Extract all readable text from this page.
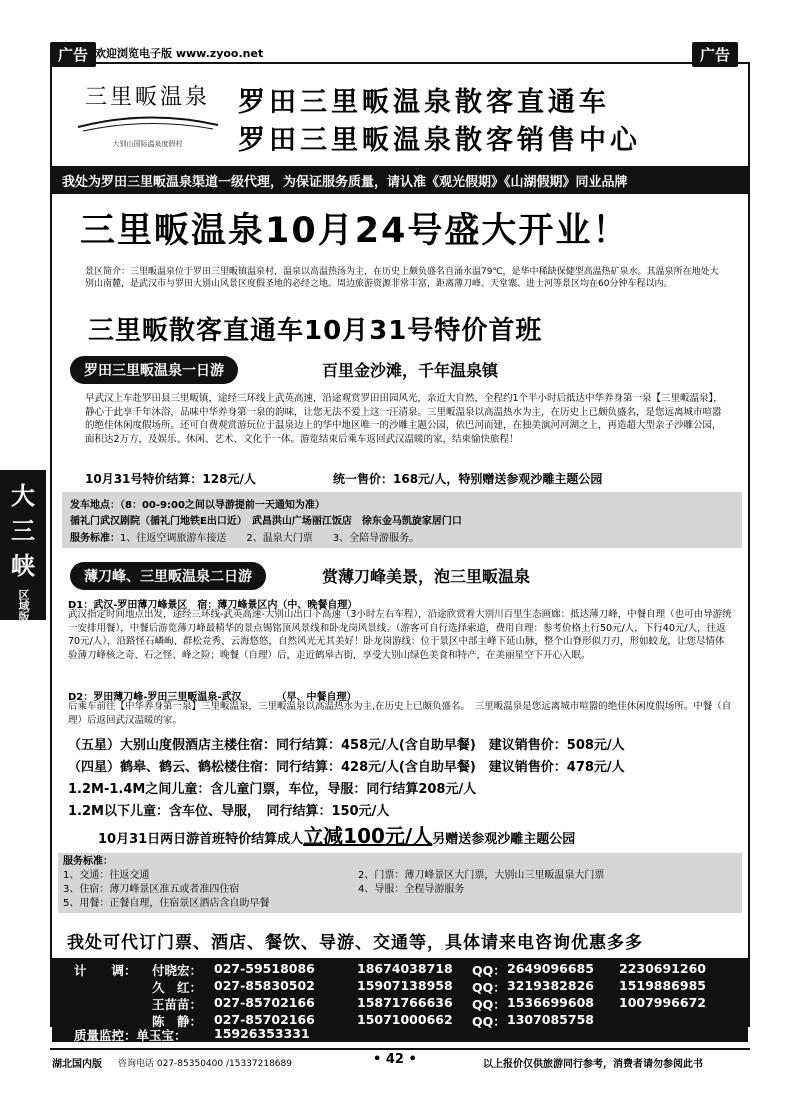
广告 欢迎浏览电子版 www.zyoo.net	广告
三里畈温泉
大别山国际温泉度假村
罗田三里畈温泉散客直通车
罗田三里畈温泉散客销售中心
我处为罗田三里畈温泉渠道一级代理，为保证服务质量，请认准《观光假期》《山湖假期》同业品牌
三里畈温泉10月24号盛大开业！
景区简介：三里畈温泉位于罗田三里畈镇温泉村，温泉以高温热汤为主，在历史上颇负盛名自涌水温79℃，是华中稀缺保健型高温热矿泉水。其温泉所在地处大别山南麓，是武汉市与罗田大别山风景区度假圣地的必经之地。周边旅游资源非常丰富，距离薄刀峰、天堂寨、进士河等景区均在60分钟车程以内。
三里畈散客直通车10月31号特价首班
罗田三里畈温泉一日游	百里金沙滩，千年温泉镇
早武汉上车赴罗田县三里畈镇，途经三环线上武英高速，沿途观赏罗田田园风光，亲近大自然，全程约1个半小时后抵达中华养身第一泉【三里畈温泉】，静心于此享千年沐浴，品味中华养身第一泉的韵味，让您无法不爱上这一汪清泉。三里畈温泉以高温热水为主，在历史上已颇负盛名，是您远离城市喧嚣的绝佳休闲度假场所。还可自费观赏游玩位于温泉边上的华中地区唯一的沙雕主题公园，依巴河而建，在独美演河河湖之上，再造超大型亲子沙雕公园，面积达2万方，及娱乐、休闲、艺术、文化于一体。游览结束后乘车返回武汉温暖的家，结束愉快旅程！
10月31号特价结算：128元/人	统一售价：168元/人，特别赠送参观沙雕主题公园
发车地点：（8：00-9:00之间以导游提前一天通知为准）
循礼门武汉剧院（循礼门地铁E出口近）　武昌洪山广场丽江饭店　徐东金马凯旋家居门口
服务标准：1、往返空调旅游车接送　　2、温泉大门票　　3、全陪导游服务。
薄刀峰、三里畈温泉二日游	赏薄刀峰美景，泡三里畈温泉
D1：武汉-罗田薄刀峰景区　宿：薄刀峰景区内（中、晚餐自理）
武汉指定时间地点出发，途经三环线-武英高速-大别山出口下高速（3小时左右车程），沿途欣赏着大别川百里生态画廊：抵达薄刀峰，中餐自理（也可由导游统一安排用餐），中餐后游览薄刀峰最精华的景点锡铭顶风景线和卧龙岗风景线。（游客可自行选择索道，费用自理：参考价格上行50元/人，下行40元/人，往返70元/人），沿路怪石嶙峋、群松竞秀、云海悠悠，自然风光无其美好！卧龙岗游线：位于景区中部主峰下延山脉，整个山脊形似刀刃，形如蛟龙，让您尽情体验薄刀峰核之奇、石之怪、峰之险；晚餐（自理）后，走近鹤皋古街，享受大别山绿色美食和特产，在美丽星空下开心入眠。
D2：罗田薄刀峰-罗田三里畈温泉-武汉　　　　（早、中餐自理）
后乘车前往【中华养身第一泉】三里畈温泉，三里畈温泉以高温热水为主,在历史上已颇负盛名。　三里畈温泉是您远离城市喧嚣的绝佳休闲度假场所。中餐（自理）后返回武汉温暖的家。
（五星）大别山度假酒店主楼住宿：同行结算：458元/人(含自助早餐)　建议销售价：508元/人
（四星）鹤皋、鹤云、鹤松楼住宿：同行结算：428元/人(含自助早餐)　建议销售价：478元/人
1.2M-1.4M之间儿童：含儿童门票，车位，导服：同行结算208元/人
1.2M以下儿童：含车位、导服，　同行结算：150元/人
10月31日两日游首班特价结算成人立减100元/人另赠送参观沙雕主题公园
服务标准：
1、交通：往返交通	2、门票：薄刀峰景区大门票，大别山三里畈温泉大门票
3、住宿：薄刀峰景区准五或者准四住宿	4、导服：全程导游服务
5、用餐：正餐自理，住宿景区酒店含自助早餐
我处可代订门票、酒店、餐饮、导游、交通等，具体请来电咨询优惠多多
计　　调： 付晓宏： 027-59518086	18674038718 QQ： 2649096685 2230691260
久　红： 027-85830502	15907138958 QQ： 3219382826 1519886985
王苗苗： 027-85702166	15871766636 QQ： 1536699608 1007996672
陈　静： 027-85702166	15071000662 QQ： 1307085758
质量监控：单玉宝： 15926353331
大
三
峡
区域版
湖北国内版 咨询电话 027-85350400 /15337218689	• 42 •	以上报价仅供旅游同行参考，消费者请勿参阅此书
